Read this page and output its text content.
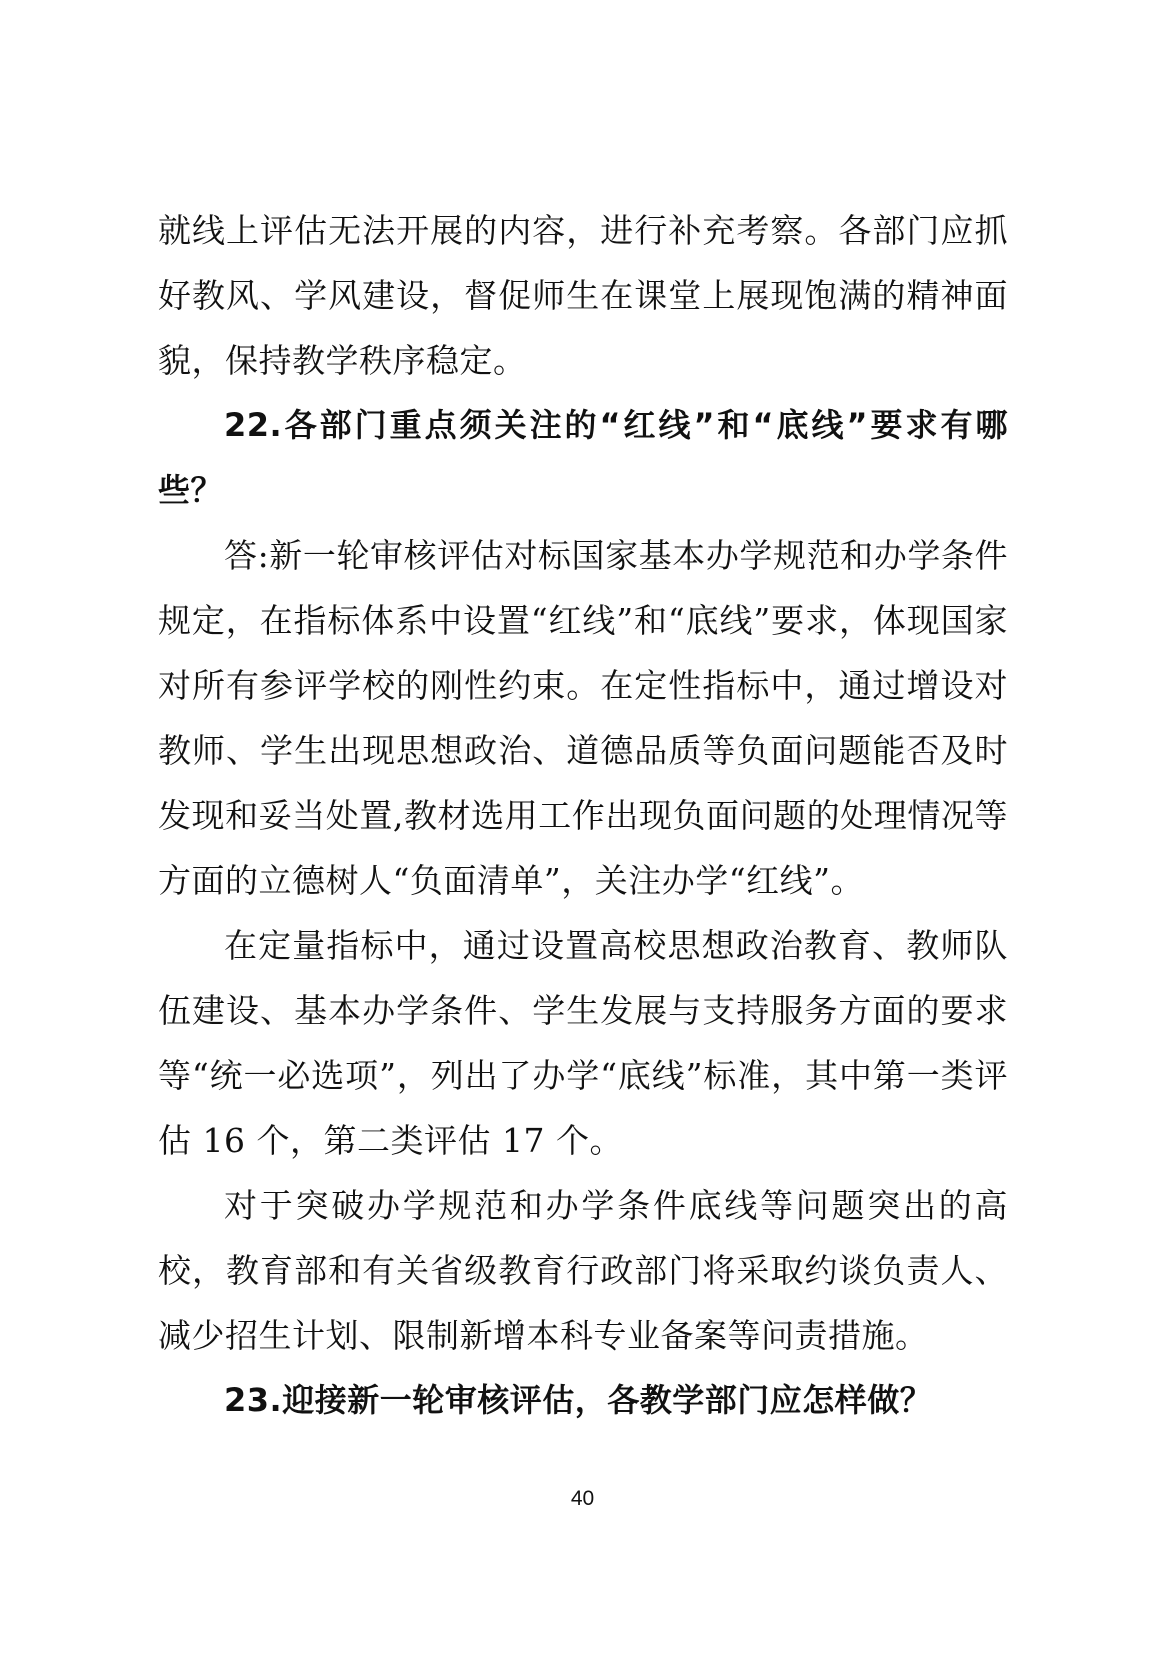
就线上评估无法开展的内容，进行补充考察。各部门应抓好教风、学风建设，督促师生在课堂上展现饱满的精神面貌，保持教学秩序稳定。

22.各部门重点须关注的“红线”和“底线”要求有哪些？

答:新一轮审核评估对标国家基本办学规范和办学条件规定，在指标体系中设置“红线”和“底线”要求，体现国家对所有参评学校的刚性约束。在定性指标中，通过增设对教师、学生出现思想政治、道德品质等负面问题能否及时发现和妥当处置,教材选用工作出现负面问题的处理情况等方面的立德树人“负面清单”，关注办学“红线”。

在定量指标中，通过设置高校思想政治教育、教师队伍建设、基本办学条件、学生发展与支持服务方面的要求等“统一必选项”，列出了办学“底线”标准，其中第一类评估 16 个，第二类评估 17 个。

对于突破办学规范和办学条件底线等问题突出的高校，教育部和有关省级教育行政部门将采取约谈负责人、减少招生计划、限制新增本科专业备案等问责措施。

23.迎接新一轮审核评估，各教学部门应怎样做？

40
